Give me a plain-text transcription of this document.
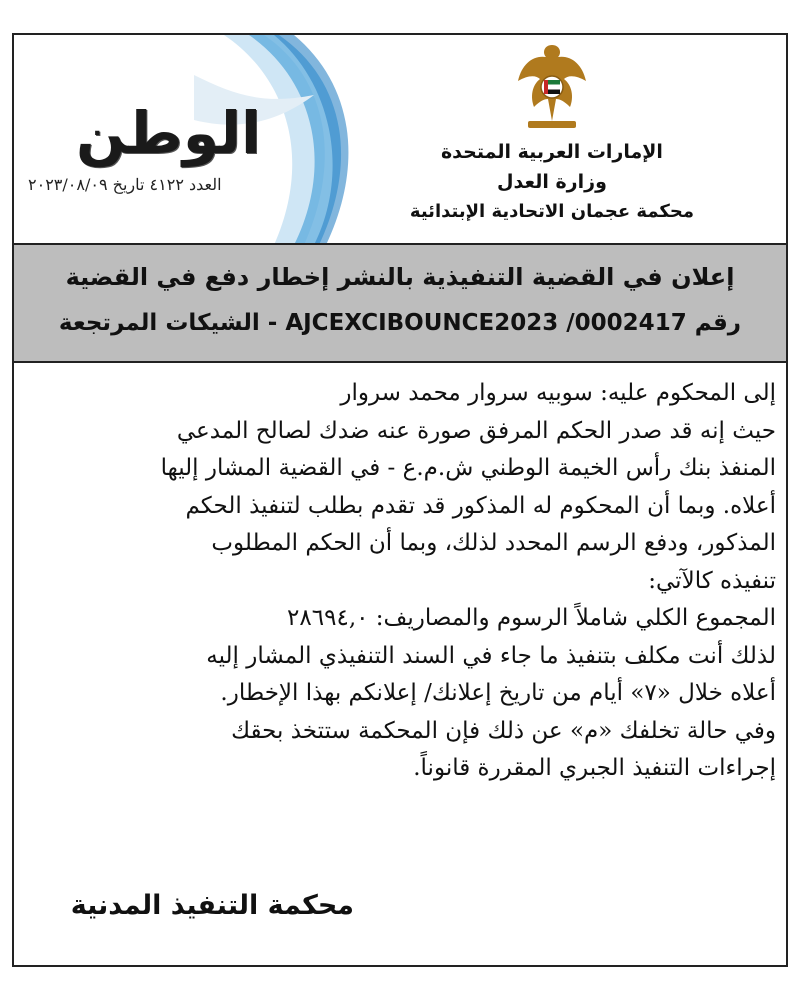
الوطن
العدد ٤١٢٢ تاريخ ٢٠٢٣/٠٨/٠٩
الإمارات العربية المتحدة
وزارة العدل
محكمة عجمان الاتحادية الإبتدائية
إعلان في القضية التنفيذية بالنشر إخطار دفع في القضية
رقم 0002417/ AJCEXCIBOUNCE2023 - الشيكات المرتجعة

إلى المحكوم عليه: سوبيه سروار محمد سروار

حيث إنه قد صدر الحكم المرفق صورة عنه ضدك لصالح المدعي

المنفذ بنك رأس الخيمة الوطني ش.م.ع - في القضية المشار إليها

أعلاه. وبما أن المحكوم له المذكور قد تقدم بطلب لتنفيذ الحكم

المذكور، ودفع الرسم المحدد لذلك، وبما أن الحكم المطلوب

تنفيذه كالآتي:

المجموع الكلي شاملاً الرسوم والمصاريف: ٢٨٦٩٤,٠

لذلك أنت مكلف بتنفيذ ما جاء في السند التنفيذي المشار إليه

أعلاه خلال «٧» أيام من تاريخ إعلانك/ إعلانكم بهذا الإخطار.

وفي حالة تخلفك «م» عن ذلك فإن المحكمة ستتخذ بحقك

إجراءات التنفيذ الجبري المقررة قانوناً.

محكمة التنفيذ المدنية
